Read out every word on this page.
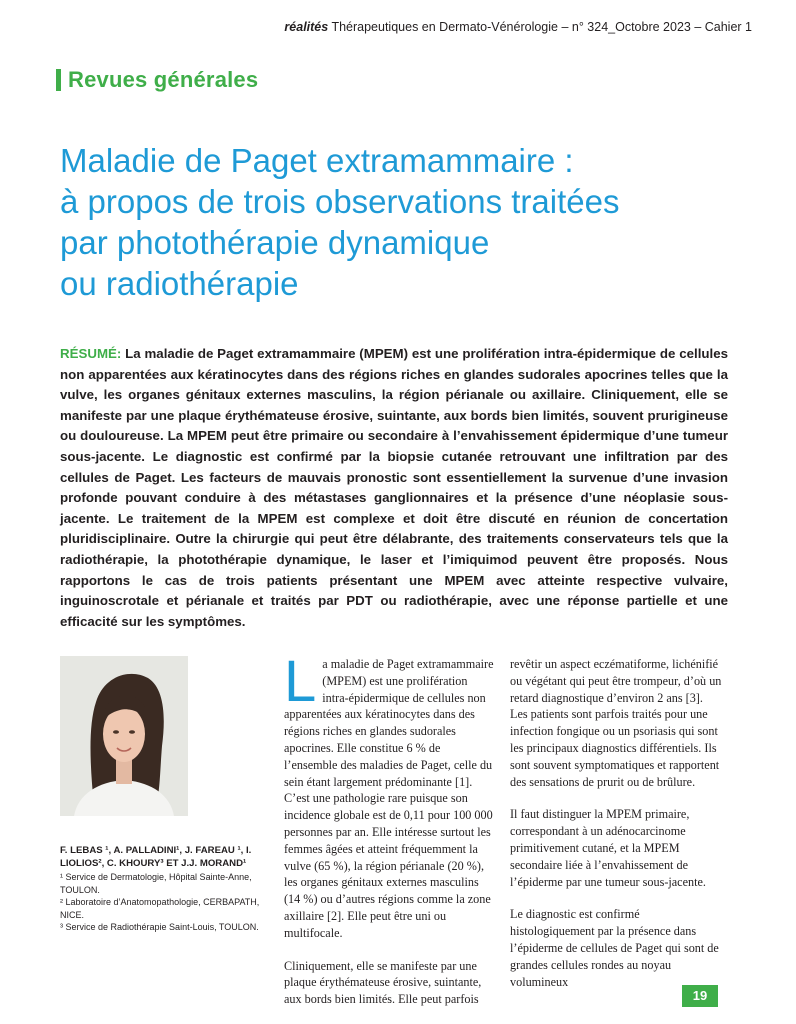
réalités Thérapeutiques en Dermato-Vénérologie – n° 324_Octobre 2023 – Cahier 1
Revues générales
Maladie de Paget extramammaire :
à propos de trois observations traitées
par photothérapie dynamique
ou radiothérapie

RÉSUMÉ: La maladie de Paget extramammaire (MPEM) est une prolifération intra-épidermique de cellules non apparentées aux kératinocytes dans des régions riches en glandes sudorales apocrines telles que la vulve, les organes génitaux externes masculins, la région périanale ou axillaire. Cliniquement, elle se manifeste par une plaque érythémateuse érosive, suintante, aux bords bien limités, souvent prurigineuse ou douloureuse. La MPEM peut être primaire ou secondaire à l’envahissement épidermique d’une tumeur sous-jacente. Le diagnostic est confirmé par la biopsie cutanée retrouvant une infiltration par des cellules de Paget. Les facteurs de mauvais pronostic sont essentiellement la survenue d’une invasion profonde pouvant conduire à des métastases ganglionnaires et la présence d’une néoplasie sous-jacente. Le traitement de la MPEM est complexe et doit être discuté en réunion de concertation pluridisciplinaire. Outre la chirurgie qui peut être délabrante, des traitements conservateurs tels que la radiothérapie, la photothérapie dynamique, le laser et l’imiquimod peuvent être proposés. Nous rapportons le cas de trois patients présentant une MPEM avec atteinte respective vulvaire, inguinoscrotale et périanale et traités par PDT ou radiothérapie, avec une réponse partielle et une efficacité sur les symptômes.

F. LEBAS ¹, A. PALLADINI¹, J. FAREAU ¹, I. LIOLIOS², C. KHOURY³ ET J.J. MORAND¹

¹ Service de Dermatologie, Hôpital Sainte-Anne, TOULON.

² Laboratoire d’Anatomopathologie, CERBAPATH, NICE.

³ Service de Radiothérapie Saint-Louis, TOULON.

La maladie de Paget extramammaire (MPEM) est une prolifération intra-épidermique de cellules non apparentées aux kératinocytes dans des régions riches en glandes sudorales apocrines. Elle constitue 6 % de l’ensemble des maladies de Paget, celle du sein étant largement prédominante [1]. C’est une pathologie rare puisque son incidence globale est de 0,11 pour 100 000 personnes par an. Elle intéresse surtout les femmes âgées et atteint fréquemment la vulve (65 %), la région périanale (20 %), les organes génitaux externes masculins (14 %) ou d’autres régions comme la zone axillaire [2]. Elle peut être uni ou multifocale.

Cliniquement, elle se manifeste par une plaque érythémateuse érosive, suintante, aux bords bien limités. Elle peut parfois

revêtir un aspect eczématiforme, lichénifié ou végétant qui peut être trompeur, d’où un retard diagnostique d’environ 2 ans [3]. Les patients sont parfois traités pour une infection fongique ou un psoriasis qui sont les principaux diagnostics différentiels. Ils sont souvent symptomatiques et rapportent des sensations de prurit ou de brûlure.

Il faut distinguer la MPEM primaire, correspondant à un adénocarcinome primitivement cutané, et la MPEM secondaire liée à l’envahissement de l’épiderme par une tumeur sous-jacente.

Le diagnostic est confirmé histologiquement par la présence dans l’épiderme de cellules de Paget qui sont de grandes cellules rondes au noyau volumineux

19
